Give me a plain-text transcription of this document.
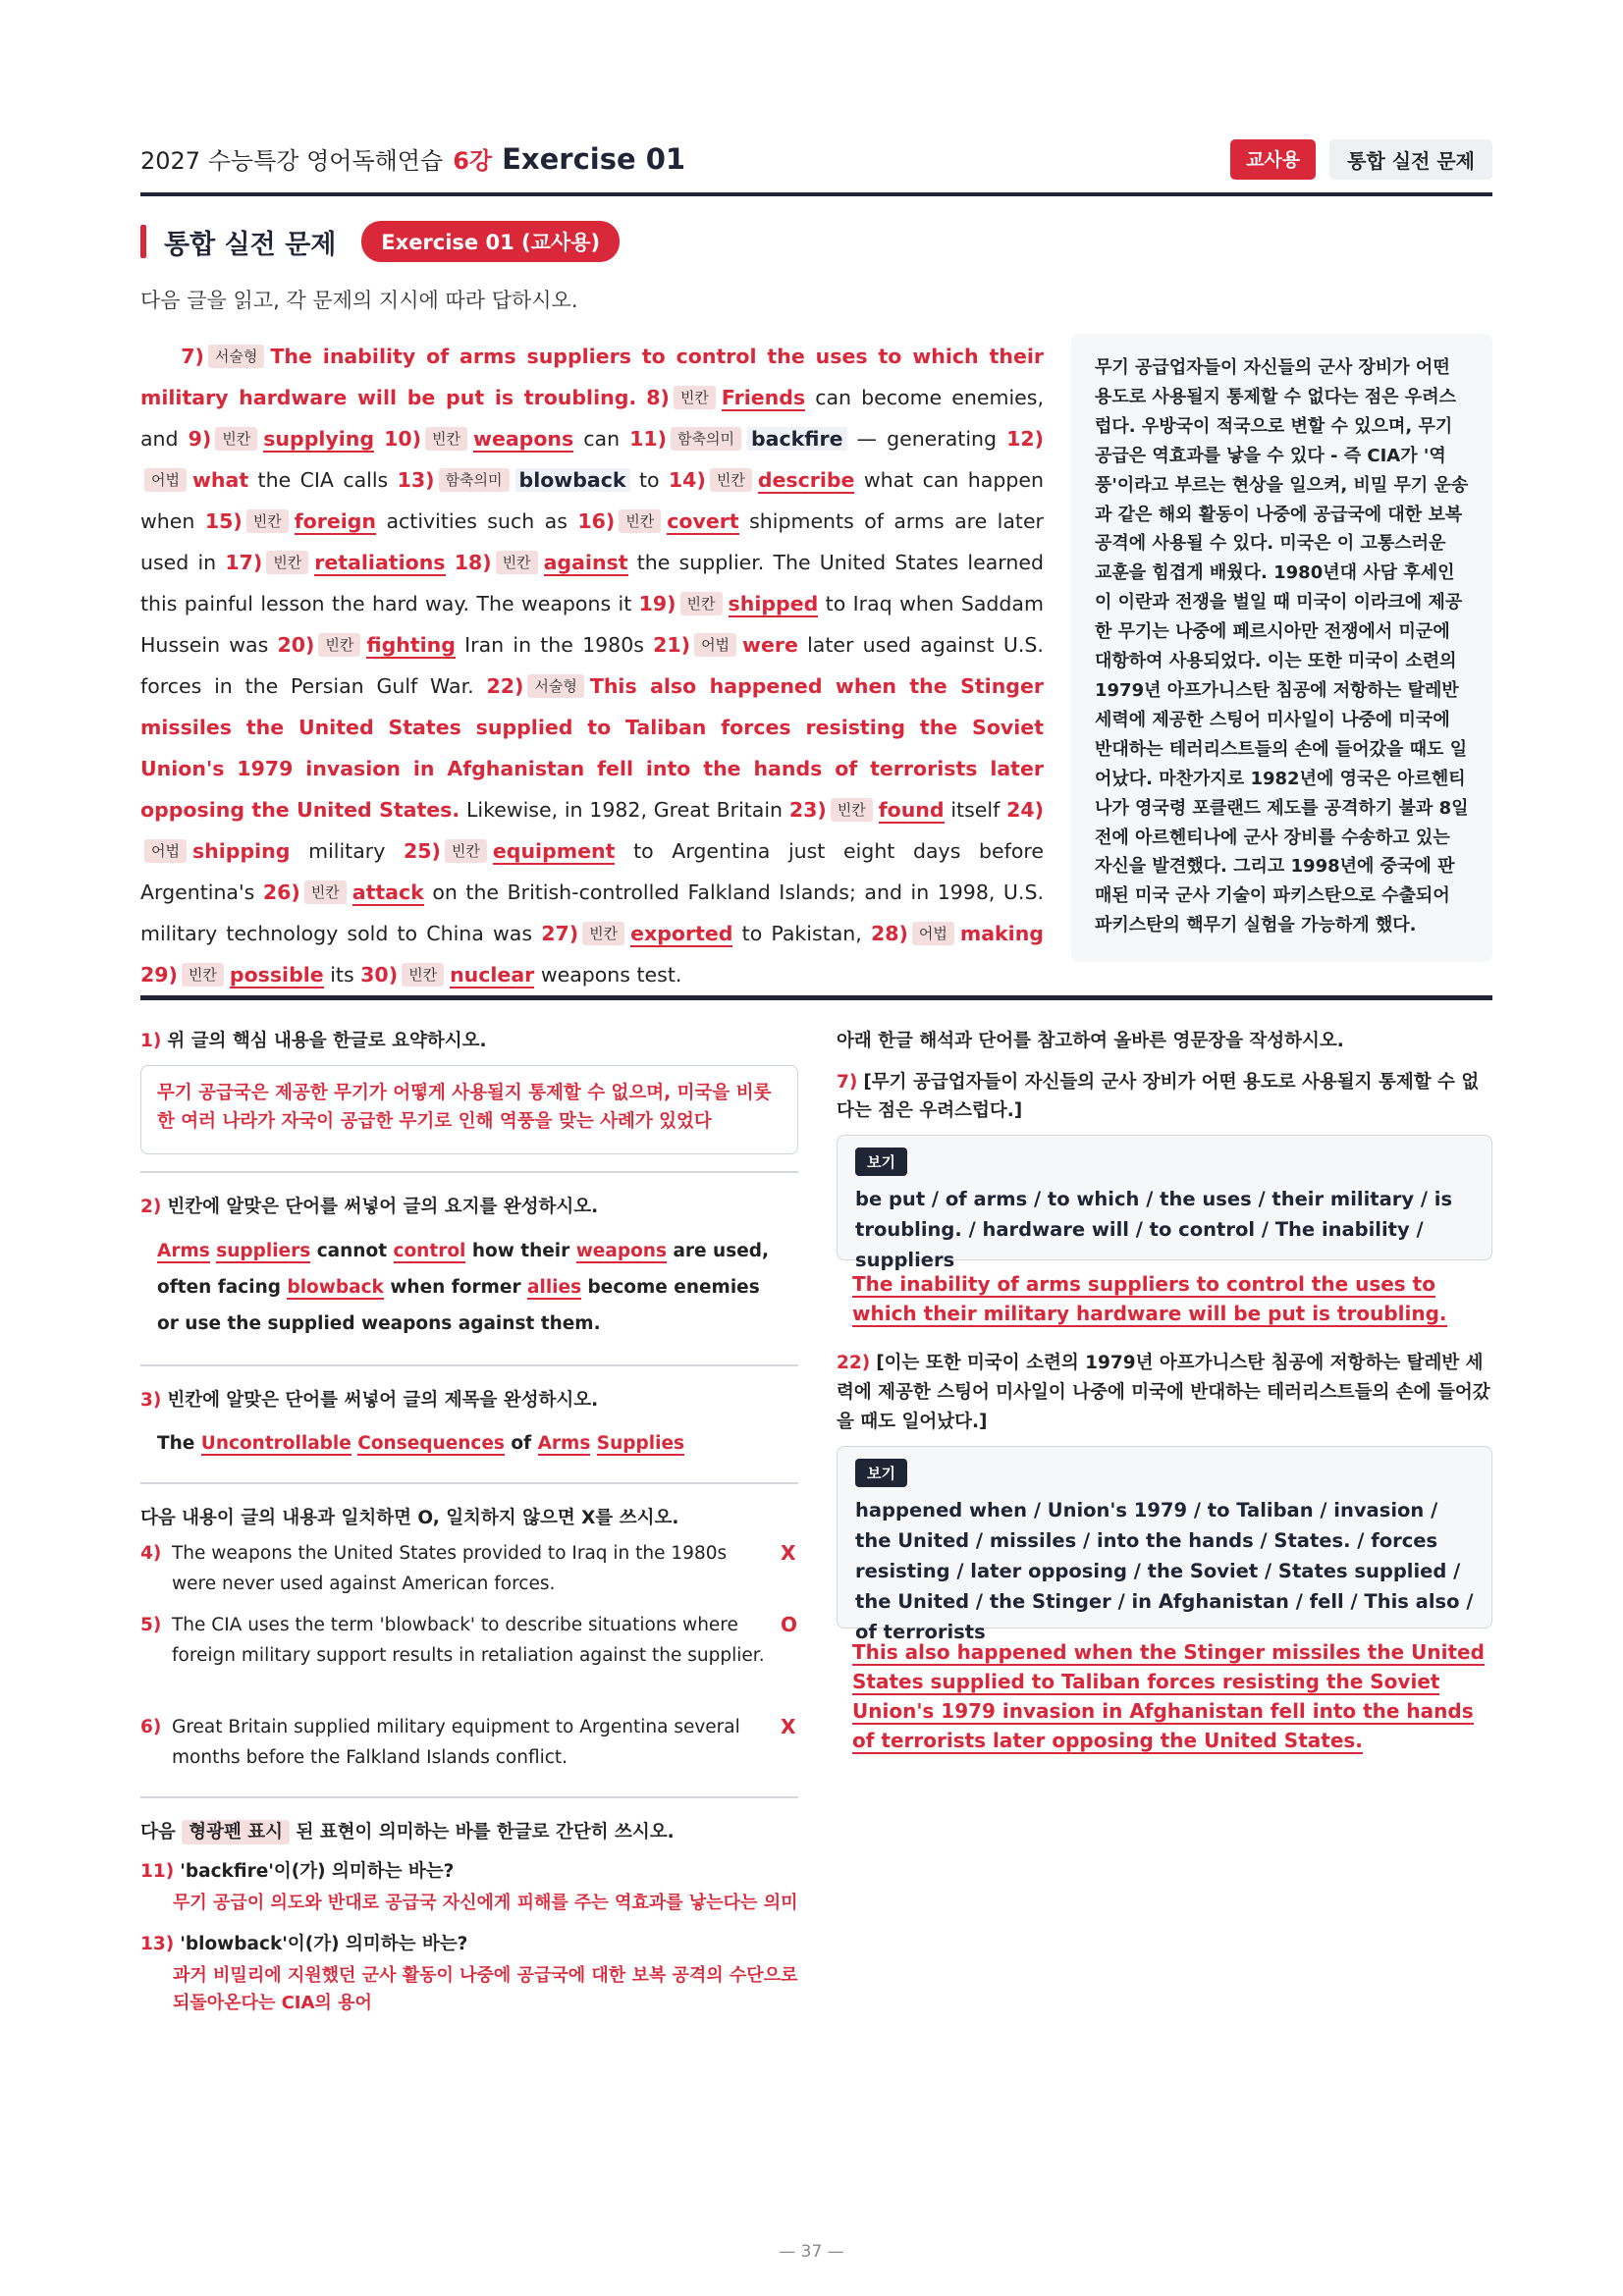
2027 수능특강 영어독해연습 6강 Exercise 01	교사용	통합 실전 문제
통합 실전 문제	Exercise 01 (교사용)
다음 글을 읽고, 각 문제의 지시에 따라 답하시오.
7) 서술형 The inability of arms suppliers to control the uses to which their military hardware will be put is troubling. 8) 빈칸 Friends can become enemies, and 9) 빈칸 supplying 10) 빈칸 weapons can 11) 함축의미 backfire — generating 12)어법 what the CIA calls 13) 함축의미 blowback to 14) 빈칸 describe what can happen when 15) 빈칸 foreign activities such as 16) 빈칸 covert shipments of arms are later used in 17) 빈칸 retaliations 18) 빈칸 against the supplier. The United States learned this painful lesson the hard way. The weapons it 19) 빈칸 shipped to Iraq when Saddam Hussein was 20) 빈칸 fighting Iran in the 1980s 21) 어법 were later used against U.S. forces in the Persian Gulf War. 22) 서술형 This also happened when the Stinger missiles the United States supplied to Taliban forces resisting the Soviet Union's 1979 invasion in Afghanistan fell into the hands of terrorists later opposing the United States. Likewise, in 1982, Great Britain 23) 빈칸 found itself 24)어법 shipping military 25) 빈칸 equipment to Argentina just eight days before Argentina's 26) 빈칸 attack on the British-controlled Falkland Islands; and in 1998, U.S. military technology sold to China was 27) 빈칸 exported to Pakistan, 28) 어법 making 29) 빈칸 possible its 30) 빈칸 nuclear weapons test.
무기 공급업자들이 자신들의 군사 장비가 어떤 용도로 사용될지 통제할 수 없다는 점은 우려스럽다. 우방국이 적국으로 변할 수 있으며, 무기 공급은 역효과를 낳을 수 있다 - 즉 CIA가 '역풍'이라고 부르는 현상을 일으켜, 비밀 무기 운송과 같은 해외 활동이 나중에 공급국에 대한 보복 공격에 사용될 수 있다. 미국은 이 고통스러운 교훈을 힘겹게 배웠다. 1980년대 사담 후세인이 이란과 전쟁을 벌일 때 미국이 이라크에 제공한 무기는 나중에 페르시아만 전쟁에서 미군에 대항하여 사용되었다. 이는 또한 미국이 소련의 1979년 아프가니스탄 침공에 저항하는 탈레반 세력에 제공한 스팅어 미사일이 나중에 미국에 반대하는 테러리스트들의 손에 들어갔을 때도 일어났다. 마찬가지로 1982년에 영국은 아르헨티나가 영국령 포클랜드 제도를 공격하기 불과 8일 전에 아르헨티나에 군사 장비를 수송하고 있는 자신을 발견했다. 그리고 1998년에 중국에 판매된 미국 군사 기술이 파키스탄으로 수출되어 파키스탄의 핵무기 실험을 가능하게 했다.
1) 위 글의 핵심 내용을 한글로 요약하시오.
무기 공급국은 제공한 무기가 어떻게 사용될지 통제할 수 없으며, 미국을 비롯한 여러 나라가 자국이 공급한 무기로 인해 역풍을 맞는 사례가 있었다
2) 빈칸에 알맞은 단어를 써넣어 글의 요지를 완성하시오.
Arms suppliers cannot control how their weapons are used, often facing blowback when former allies become enemies or use the supplied weapons against them.
3) 빈칸에 알맞은 단어를 써넣어 글의 제목을 완성하시오.
The Uncontrollable Consequences of Arms Supplies
다음 내용이 글의 내용과 일치하면 O, 일치하지 않으면 X를 쓰시오.
4) The weapons the United States provided to Iraq in the 1980s were never used against American forces.
X
5) The CIA uses the term 'blowback' to describe situations where foreign military support results in retaliation against the supplier.
O
6) Great Britain supplied military equipment to Argentina several months before the Falkland Islands conflict.
X
다음 형광펜 표시 된 표현이 의미하는 바를 한글로 간단히 쓰시오.
11) 'backfire'이(가) 의미하는 바는?
무기 공급이 의도와 반대로 공급국 자신에게 피해를 주는 역효과를 낳는다는 의미
13) 'blowback'이(가) 의미하는 바는?
과거 비밀리에 지원했던 군사 활동이 나중에 공급국에 대한 보복 공격의 수단으로 되돌아온다는 CIA의 용어
아래 한글 해석과 단어를 참고하여 올바른 영문장을 작성하시오.
7) [무기 공급업자들이 자신들의 군사 장비가 어떤 용도로 사용될지 통제할 수 없다는 점은 우려스럽다.]
보기
be put / of arms / to which / the uses / their military / is troubling. / hardware will / to control / The inability / suppliers
The inability of arms suppliers to control the uses to which their military hardware will be put is troubling.
22) [이는 또한 미국이 소련의 1979년 아프가니스탄 침공에 저항하는 탈레반 세력에 제공한 스팅어 미사일이 나중에 미국에 반대하는 테러리스트들의 손에 들어갔을 때도 일어났다.]
보기
happened when / Union's 1979 / to Taliban / invasion / the United / missiles / into the hands / States. / forces resisting / later opposing / the Soviet / States supplied / the United / the Stinger / in Afghanistan / fell / This also / of terrorists
This also happened when the Stinger missiles the United States supplied to Taliban forces resisting the Soviet Union's 1979 invasion in Afghanistan fell into the hands of terrorists later opposing the United States.
— 37 —
